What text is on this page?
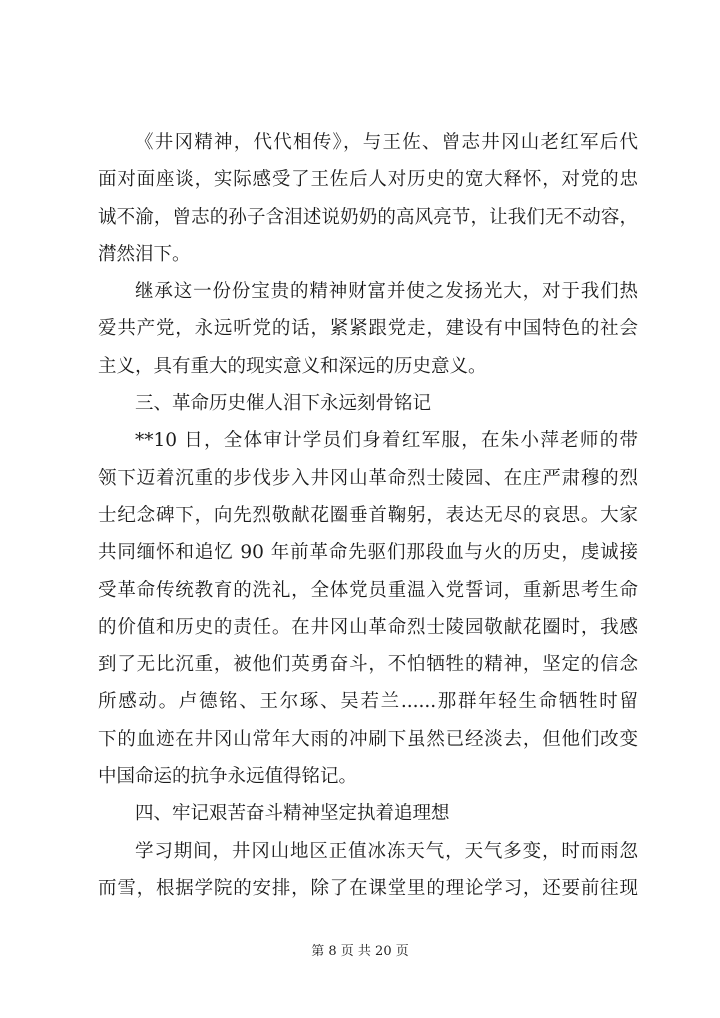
《井冈精神，代代相传》，与王佐、曾志井冈山老红军后代
面对面座谈，实际感受了王佐后人对历史的宽大释怀，对党的忠
诚不渝，曾志的孙子含泪述说奶奶的高风亮节，让我们无不动容，
潸然泪下。
继承这一份份宝贵的精神财富并使之发扬光大，对于我们热
爱共产党，永远听党的话，紧紧跟党走，建设有中国特色的社会
主义，具有重大的现实意义和深远的历史意义。
三、革命历史催人泪下永远刻骨铭记
**10 日，全体审计学员们身着红军服，在朱小萍老师的带
领下迈着沉重的步伐步入井冈山革命烈士陵园、在庄严肃穆的烈
士纪念碑下，向先烈敬献花圈垂首鞠躬，表达无尽的哀思。大家
共同缅怀和追忆 90 年前革命先驱们那段血与火的历史，虔诚接
受革命传统教育的洗礼，全体党员重温入党誓词，重新思考生命
的价值和历史的责任。在井冈山革命烈士陵园敬献花圈时，我感
到了无比沉重，被他们英勇奋斗，不怕牺牲的精神，坚定的信念
所感动。卢德铭、王尔琢、吴若兰......那群年轻生命牺牲时留
下的血迹在井冈山常年大雨的冲刷下虽然已经淡去，但他们改变
中国命运的抗争永远值得铭记。
四、牢记艰苦奋斗精神坚定执着追理想
学习期间，井冈山地区正值冰冻天气，天气多变，时而雨忽
而雪，根据学院的安排，除了在课堂里的理论学习，还要前往现
第 8 页 共 20 页
